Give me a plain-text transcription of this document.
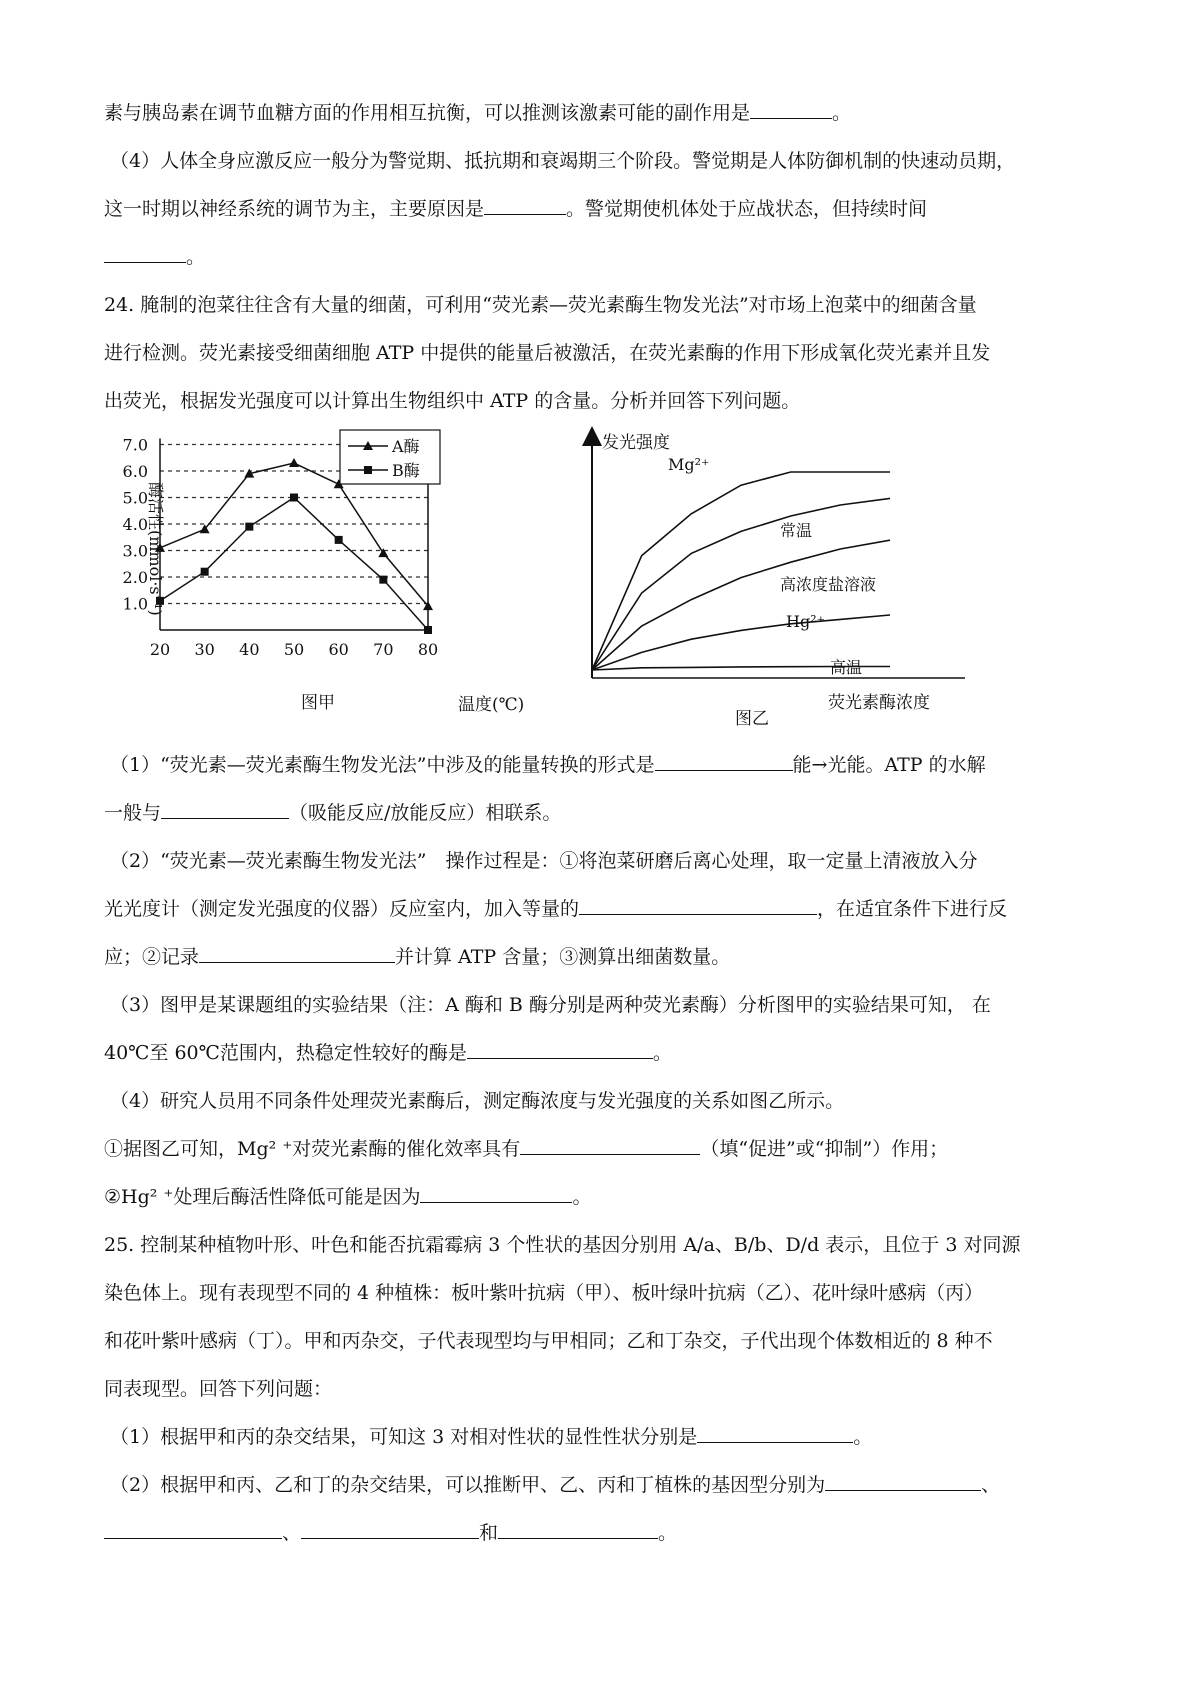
素与胰岛素在调节血糖方面的作用相互抗衡，可以推测该激素可能的副作用是	。
（4）人体全身应激反应一般分为警觉期、抵抗期和衰竭期三个阶段。警觉期是人体防御机制的快速动员期，
这一时期以神经系统的调节为主，主要原因是	。警觉期使机体处于应战状态，但持续时间
。
24. 腌制的泡菜往往含有大量的细菌，可利用“荧光素—荧光素酶生物发光法”对市场上泡菜中的细菌含量
进行检测。荧光素接受细菌细胞 ATP 中提供的能量后被激活，在荧光素酶的作用下形成氧化荧光素并且发
出荧光，根据发光强度可以计算出生物组织中 ATP 的含量。分析并回答下列问题。
1.0
2.0
3.0
4.0
5.0
6.0
7.0
20 30 40 50 60 70 80
A酶
B酶
酶活性(mmol·s⁻¹)
温度(℃)
图甲
发光强度
荧光素酶浓度
图乙
Mg²⁺
常温
高浓度盐溶液
Hg²⁺
高温
（1）“荧光素—荧光素酶生物发光法”中涉及的能量转换的形式是	能→光能。ATP 的水解
一般与	（吸能反应/放能反应）相联系。
（2）“荧光素—荧光素酶生物发光法”　操作过程是：①将泡菜研磨后离心处理，取一定量上清液放入分
光光度计（测定发光强度的仪器）反应室内，加入等量的	，在适宜条件下进行反
应；②记录	并计算 ATP 含量；③测算出细菌数量。
（3）图甲是某课题组的实验结果（注：A 酶和 B 酶分别是两种荧光素酶）分析图甲的实验结果可知， 在
40℃至 60℃范围内，热稳定性较好的酶是	。
（4）研究人员用不同条件处理荧光素酶后，测定酶浓度与发光强度的关系如图乙所示。
①据图乙可知，Mg² ⁺对荧光素酶的催化效率具有	（填“促进”或“抑制”）作用；
②Hg² ⁺处理后酶活性降低可能是因为	。
25. 控制某种植物叶形、叶色和能否抗霜霉病 3 个性状的基因分别用 A/a、B/b、D/d 表示，且位于 3 对同源
染色体上。现有表现型不同的 4 种植株：板叶紫叶抗病（甲）、板叶绿叶抗病（乙）、花叶绿叶感病（丙）
和花叶紫叶感病（丁）。甲和丙杂交，子代表现型均与甲相同；乙和丁杂交，子代出现个体数相近的 8 种不
同表现型。回答下列问题：
（1）根据甲和丙的杂交结果，可知这 3 对相对性状的显性性状分别是	。
（2）根据甲和丙、乙和丁的杂交结果，可以推断甲、乙、丙和丁植株的基因型分别为	、
、	和	。
